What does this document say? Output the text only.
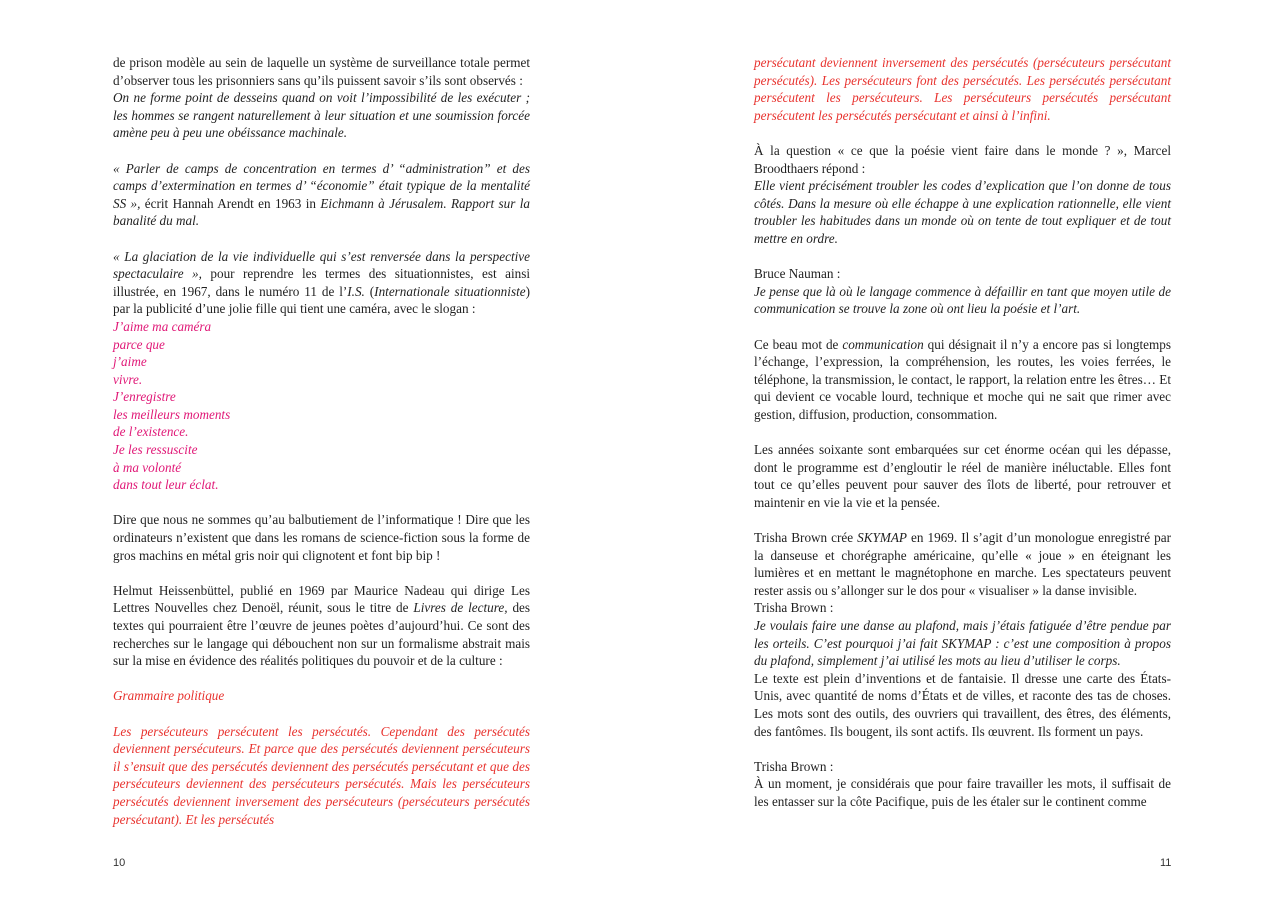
de prison modèle au sein de laquelle un système de surveillance totale permet d’observer tous les prisonniers sans qu’ils puissent savoir s’ils sont observés :

On ne forme point de desseins quand on voit l’impossibilité de les exécuter ; les hommes se rangent naturellement à leur situation et une soumission forcée amène peu à peu une obéissance machinale.

« Parler de camps de concentration en termes d’ “administration” et des camps d’extermination en termes d’ “économie” était typique de la mentalité SS », écrit Hannah Arendt en 1963 in Eichmann à Jérusalem. Rapport sur la banalité du mal.

« La glaciation de la vie individuelle qui s’est renversée dans la perspective spectaculaire », pour reprendre les termes des situationnistes, est ainsi illustrée, en 1967, dans le numéro 11 de l’I.S. (Internationale situationniste) par la publicité d’une jolie fille qui tient une caméra, avec le slogan :

J’aime ma caméra
parce que
j’aime
vivre.
J’enregistre
les meilleurs moments
de l’existence.
Je les ressuscite
à ma volonté
dans tout leur éclat.

Dire que nous ne sommes qu’au balbutiement de l’informatique ! Dire que les ordinateurs n’existent que dans les romans de science-fiction sous la forme de gros machins en métal gris noir qui clignotent et font bip bip !

Helmut Heissenbüttel, publié en 1969 par Maurice Nadeau qui dirige Les Lettres Nouvelles chez Denoël, réunit, sous le titre de Livres de lecture, des textes qui pourraient être l’œuvre de jeunes poètes d’aujourd’hui. Ce sont des recherches sur le langage qui débouchent non sur un formalisme abstrait mais sur la mise en évidence des réalités politiques du pouvoir et de la culture :

Grammaire politique

Les persécuteurs persécutent les persécutés. Cependant des persécutés deviennent persécuteurs. Et parce que des persécutés deviennent persécuteurs il s’ensuit que des persécutés deviennent des persécutés persécutant et que des persécuteurs deviennent des persécuteurs persécutés. Mais les persécuteurs persécutés deviennent inversement des persécuteurs (persécuteurs persécutés persécutant). Et les persécutés

persécutant deviennent inversement des persécutés (persécuteurs persécutant persécutés). Les persécuteurs font des persécutés. Les persécutés persécutant persécutent les persécuteurs. Les persécuteurs persécutés persécutant persécutent les persécutés persécutant et ainsi à l’infini.

À la question « ce que la poésie vient faire dans le monde ? », Marcel Broodthaers répond :

Elle vient précisément troubler les codes d’explication que l’on donne de tous côtés. Dans la mesure où elle échappe à une explication rationnelle, elle vient troubler les habitudes dans un monde où on tente de tout expliquer et de tout mettre en ordre.

Bruce Nauman :

Je pense que là où le langage commence à défaillir en tant que moyen utile de communication se trouve la zone où ont lieu la poésie et l’art.

Ce beau mot de communication qui désignait il n’y a encore pas si longtemps l’échange, l’expression, la compréhension, les routes, les voies ferrées, le téléphone, la transmission, le contact, le rapport, la relation entre les êtres… Et qui devient ce vocable lourd, technique et moche qui ne sait que rimer avec gestion, diffusion, production, consommation.

Les années soixante sont embarquées sur cet énorme océan qui les dépasse, dont le programme est d’engloutir le réel de manière inéluctable. Elles font tout ce qu’elles peuvent pour sauver des îlots de liberté, pour retrouver et maintenir en vie la vie et la pensée.

Trisha Brown crée SKYMAP en 1969. Il s’agit d’un monologue enregistré par la danseuse et chorégraphe américaine, qu’elle « joue » en éteignant les lumières et en mettant le magnétophone en marche. Les spectateurs peuvent rester assis ou s’allonger sur le dos pour « visualiser » la danse invisible.

Trisha Brown :

Je voulais faire une danse au plafond, mais j’étais fatiguée d’être pendue par les orteils. C’est pourquoi j’ai fait SKYMAP : c’est une composition à propos du plafond, simplement j’ai utilisé les mots au lieu d’utiliser le corps.

Le texte est plein d’inventions et de fantaisie. Il dresse une carte des États-Unis, avec quantité de noms d’États et de villes, et raconte des tas de choses. Les mots sont des outils, des ouvriers qui travaillent, des êtres, des éléments, des fantômes. Ils bougent, ils sont actifs. Ils œuvrent. Ils forment un pays.

Trisha Brown :

À un moment, je considérais que pour faire travailler les mots, il suffisait de les entasser sur la côte Pacifique, puis de les étaler sur le continent comme

10	11
